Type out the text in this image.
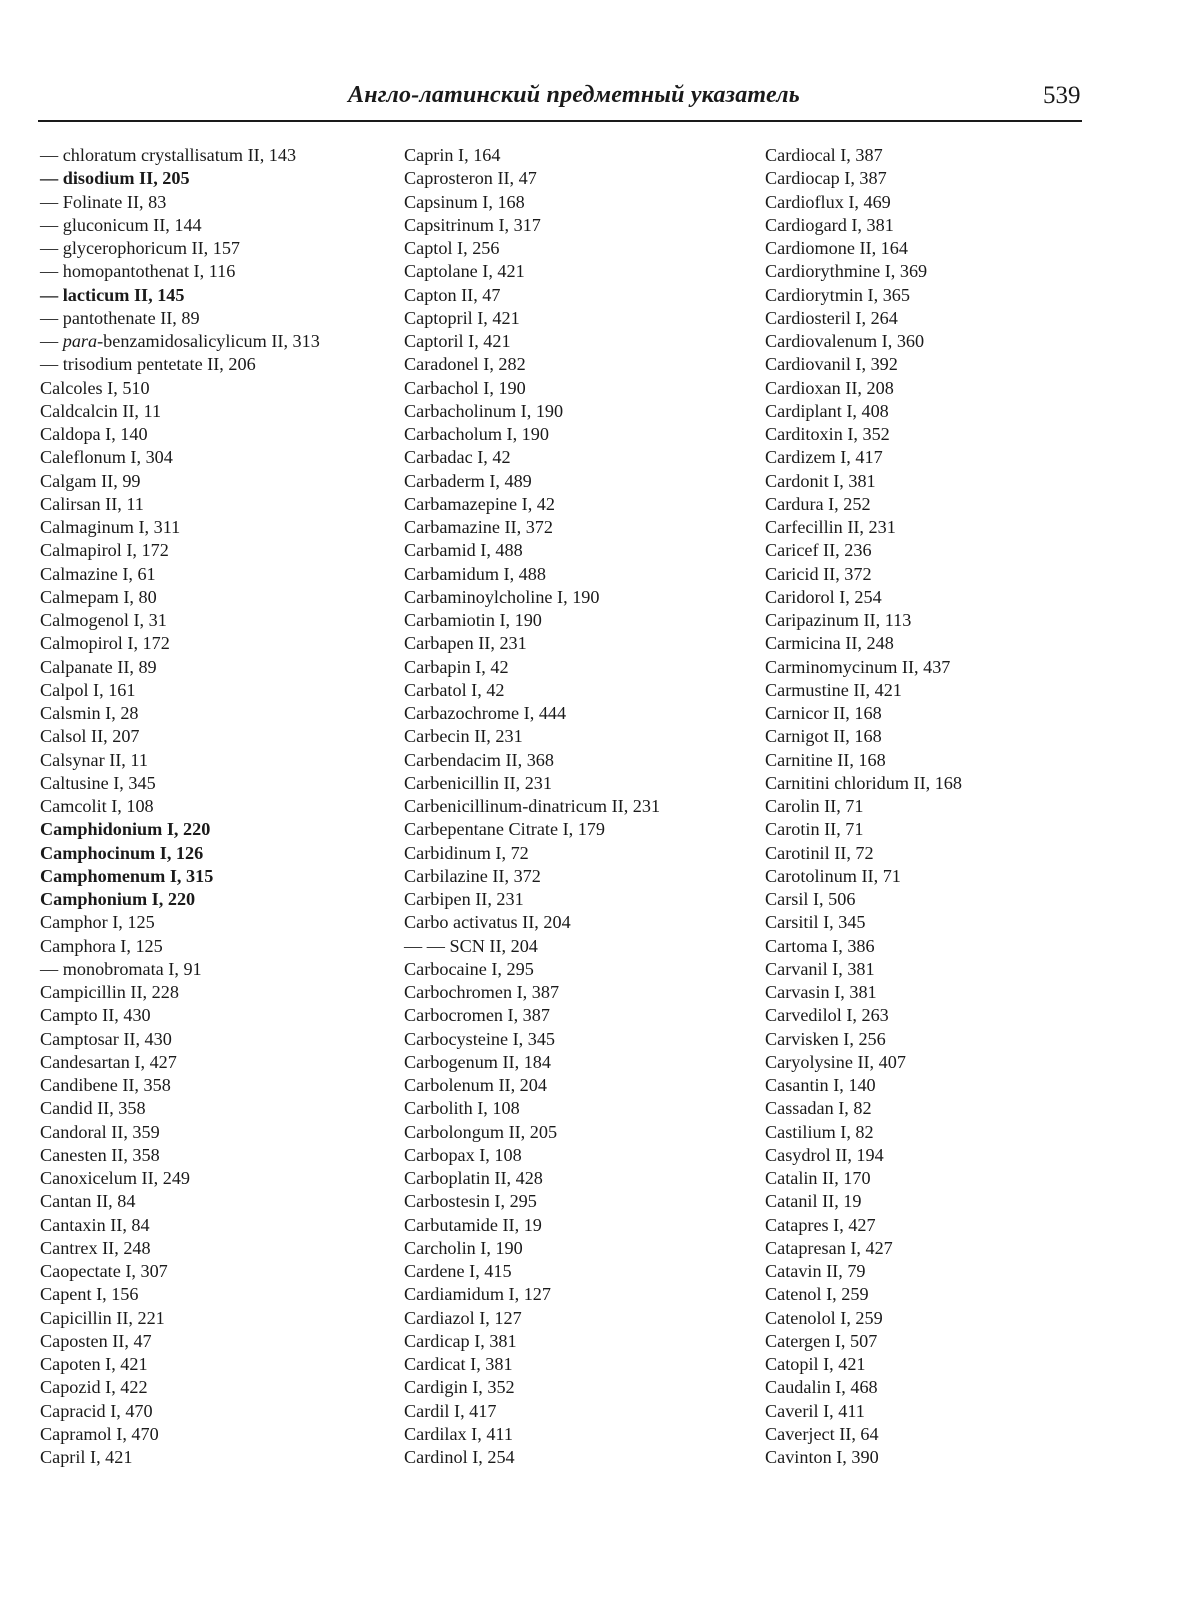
Англо-латинский предметный указатель	539
— chloratum crystallisatum II, 143
— disodium II, 205
— Folinate II, 83
— gluconicum II, 144
— glycerophoricum II, 157
— homopantothenat I, 116
— lacticum II, 145
— pantothenate II, 89
— para-benzamidosalicylicum II, 313
— trisodium pentetate II, 206
Calcoles I, 510
Caldcalcin II, 11
Caldopa I, 140
Caleflonum I, 304
Calgam II, 99
Calirsan II, 11
Calmaginum I, 311
Calmapirol I, 172
Calmazine I, 61
Calmepam I, 80
Calmogenol I, 31
Calmopirol I, 172
Calpanate II, 89
Calpol I, 161
Calsmin I, 28
Calsol II, 207
Calsynar II, 11
Caltusine I, 345
Camcolit I, 108
Camphidonium I, 220
Camphocinum I, 126
Camphomenum I, 315
Camphonium I, 220
Camphor I, 125
Camphora I, 125
— monobromata I, 91
Campicillin II, 228
Campto II, 430
Camptosar II, 430
Candesartan I, 427
Candibene II, 358
Candid II, 358
Candoral II, 359
Canesten II, 358
Canoxicelum II, 249
Cantan II, 84
Cantaxin II, 84
Cantrex II, 248
Caopectate I, 307
Capent I, 156
Capicillin II, 221
Caposten II, 47
Capoten I, 421
Capozid I, 422
Capracid I, 470
Capramol I, 470
Capril I, 421
Caprin I, 164
Caprosteron II, 47
Capsinum I, 168
Capsitrinum I, 317
Captol I, 256
Captolane I, 421
Capton II, 47
Captopril I, 421
Captoril I, 421
Caradonel I, 282
Carbachol I, 190
Carbacholinum I, 190
Carbacholum I, 190
Carbadac I, 42
Carbaderm I, 489
Carbamazepine I, 42
Carbamazine II, 372
Carbamid I, 488
Carbamidum I, 488
Carbaminoylcholine I, 190
Carbamiotin I, 190
Carbapen II, 231
Carbapin I, 42
Carbatol I, 42
Carbazochrome I, 444
Carbecin II, 231
Carbendacim II, 368
Carbenicillin II, 231
Carbenicillinum-dinatricum II, 231
Carbepentane Citrate I, 179
Carbidinum I, 72
Carbilazine II, 372
Carbipen II, 231
Carbo activatus II, 204
— — SCN II, 204
Carbocaine I, 295
Carbochromen I, 387
Carbocromen I, 387
Carbocysteine I, 345
Carbogenum II, 184
Carbolenum II, 204
Carbolith I, 108
Carbolongum II, 205
Carbopax I, 108
Carboplatin II, 428
Carbostesin I, 295
Carbutamide II, 19
Carcholin I, 190
Cardene I, 415
Cardiamidum I, 127
Cardiazol I, 127
Cardicap I, 381
Cardicat I, 381
Cardigin I, 352
Cardil I, 417
Cardilax I, 411
Cardinol I, 254
Cardiocal I, 387
Cardiocap I, 387
Cardioflux I, 469
Cardiogard I, 381
Cardiomone II, 164
Cardiorythmine I, 369
Cardiorytmin I, 365
Cardiosteril I, 264
Cardiovalenum I, 360
Cardiovanil I, 392
Cardioxan II, 208
Cardiplant I, 408
Carditoxin I, 352
Cardizem I, 417
Cardonit I, 381
Cardura I, 252
Carfecillin II, 231
Caricef II, 236
Caricid II, 372
Caridorol I, 254
Caripazinum II, 113
Carmicina II, 248
Carminomycinum II, 437
Carmustine II, 421
Carnicor II, 168
Carnigot II, 168
Carnitine II, 168
Carnitini chloridum II, 168
Carolin II, 71
Carotin II, 71
Carotinil II, 72
Carotolinum II, 71
Carsil I, 506
Carsitil I, 345
Cartoma I, 386
Carvanil I, 381
Carvasin I, 381
Carvedilol I, 263
Carvisken I, 256
Caryolysine II, 407
Casantin I, 140
Cassadan I, 82
Castilium I, 82
Casydrol II, 194
Catalin II, 170
Catanil II, 19
Catapres I, 427
Catapresan I, 427
Catavin II, 79
Catenol I, 259
Catenolol I, 259
Catergen I, 507
Catopil I, 421
Caudalin I, 468
Caveril I, 411
Caverject II, 64
Cavinton I, 390
